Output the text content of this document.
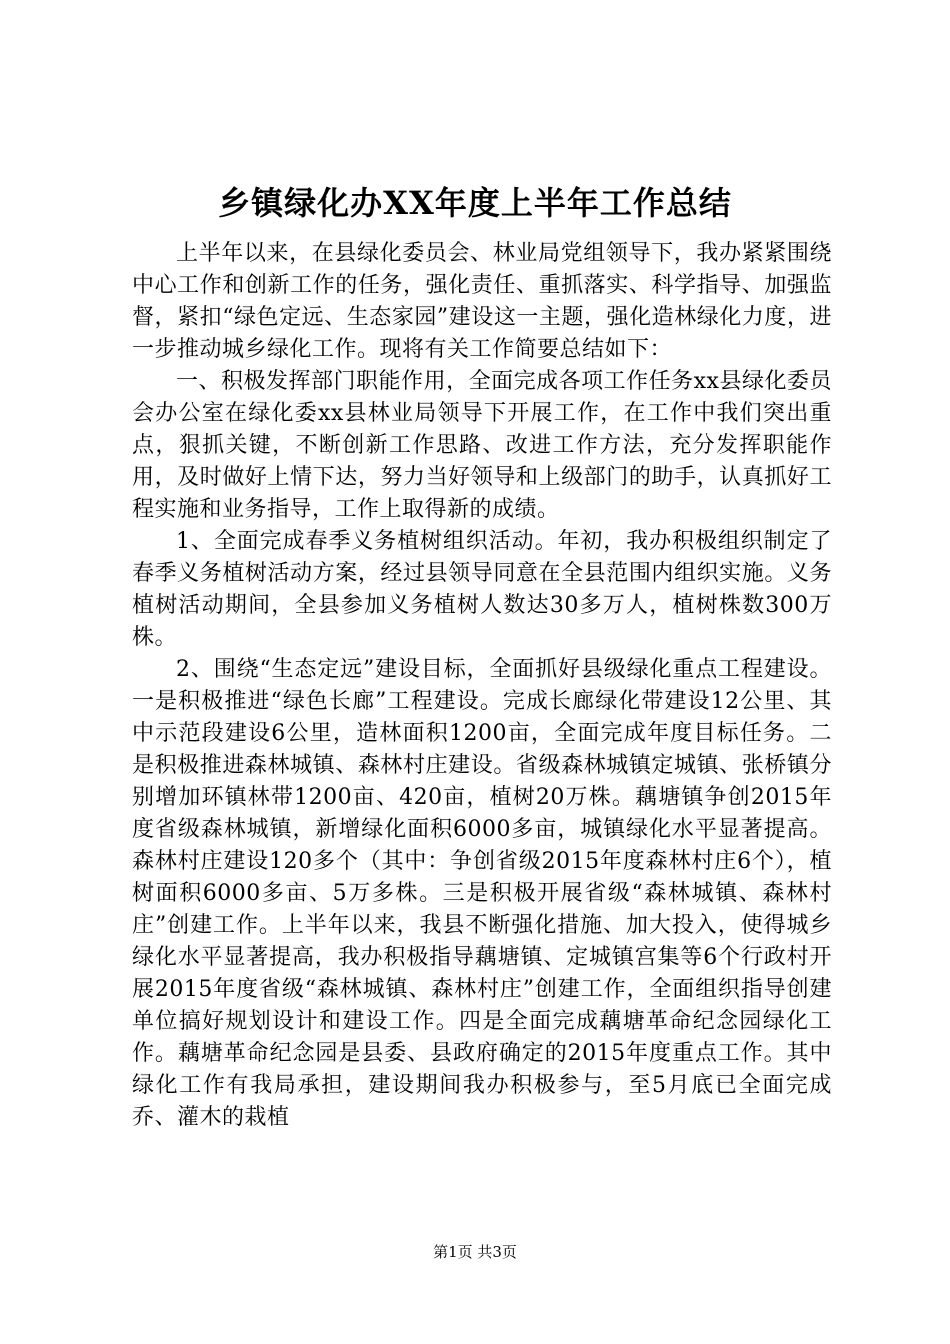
乡镇绿化办XX年度上半年工作总结

上半年以来，在县绿化委员会、林业局党组领导下，我办紧紧围绕中心工作和创新工作的任务，强化责任、重抓落实、科学指导、加强监督，紧扣“绿色定远、生态家园”建设这一主题，强化造林绿化力度，进一步推动城乡绿化工作。现将有关工作简要总结如下：

一、积极发挥部门职能作用，全面完成各项工作任务xx县绿化委员会办公室在绿化委xx县林业局领导下开展工作，在工作中我们突出重点，狠抓关键，不断创新工作思路、改进工作方法，充分发挥职能作用，及时做好上情下达，努力当好领导和上级部门的助手，认真抓好工程实施和业务指导，工作上取得新的成绩。

1、全面完成春季义务植树组织活动。年初，我办积极组织制定了春季义务植树活动方案，经过县领导同意在全县范围内组织实施。义务植树活动期间，全县参加义务植树人数达30多万人，植树株数300万株。

2、围绕“生态定远”建设目标，全面抓好县级绿化重点工程建设。一是积极推进“绿色长廊”工程建设。完成长廊绿化带建设12公里、其中示范段建设6公里，造林面积1200亩，全面完成年度目标任务。二是积极推进森林城镇、森林村庄建设。省级森林城镇定城镇、张桥镇分别增加环镇林带1200亩、420亩，植树20万株。藕塘镇争创2015年度省级森林城镇，新增绿化面积6000多亩，城镇绿化水平显著提高。森林村庄建设120多个（其中：争创省级2015年度森林村庄6个），植树面积6000多亩、5万多株。三是积极开展省级“森林城镇、森林村庄”创建工作。上半年以来，我县不断强化措施、加大投入，使得城乡绿化水平显著提高，我办积极指导藕塘镇、定城镇宫集等6个行政村开展2015年度省级“森林城镇、森林村庄”创建工作，全面组织指导创建单位搞好规划设计和建设工作。四是全面完成藕塘革命纪念园绿化工作。藕塘革命纪念园是县委、县政府确定的2015年度重点工作。其中绿化工作有我局承担，建设期间我办积极参与，至5月底已全面完成乔、灌木的栽植

第1页 共3页
